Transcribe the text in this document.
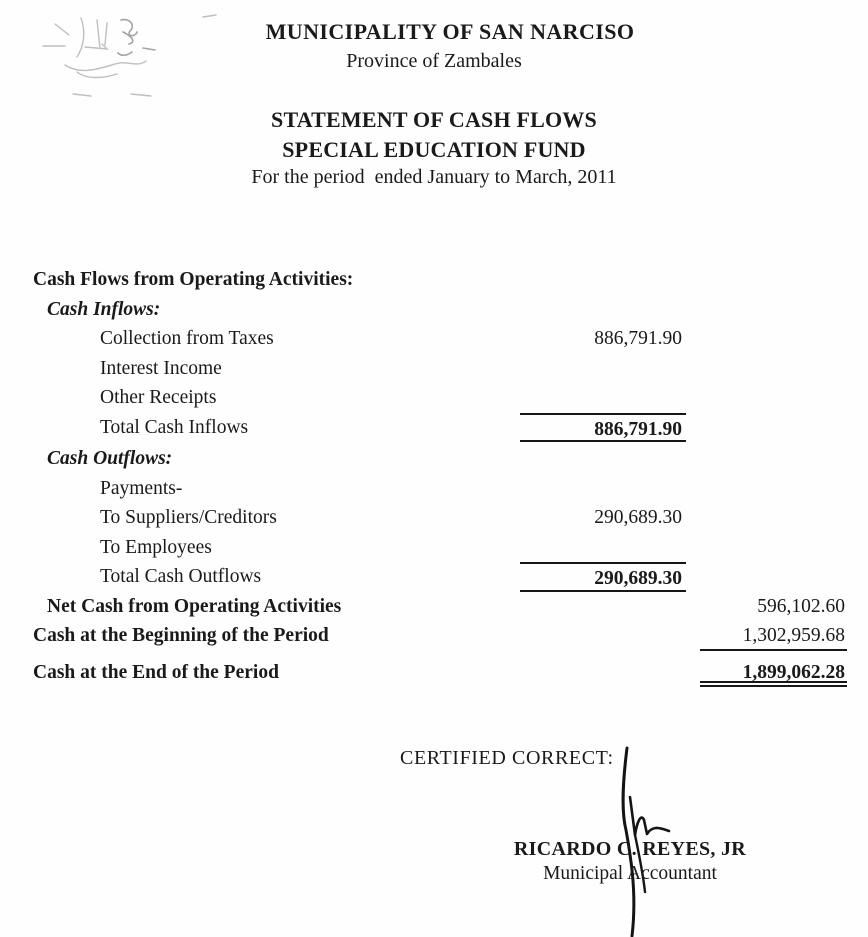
MUNICIPALITY OF SAN NARCISO
Province of Zambales
STATEMENT OF CASH FLOWS
SPECIAL EDUCATION FUND
For the period  ended January to March, 2011
Cash Flows from Operating Activities:
Cash Inflows:
Collection from Taxes	886,791.90
Interest Income
Other Receipts
Total Cash Inflows	886,791.90
Cash Outflows:
Payments-
To Suppliers/Creditors	290,689.30
To Employees
Total Cash Outflows	290,689.30
Net Cash from Operating Activities	596,102.60
Cash at the Beginning of the Period	1,302,959.68
Cash at the End of the Period	1,899,062.28
CERTIFIED CORRECT:
RICARDO C. REYES, JR
Municipal Accountant
